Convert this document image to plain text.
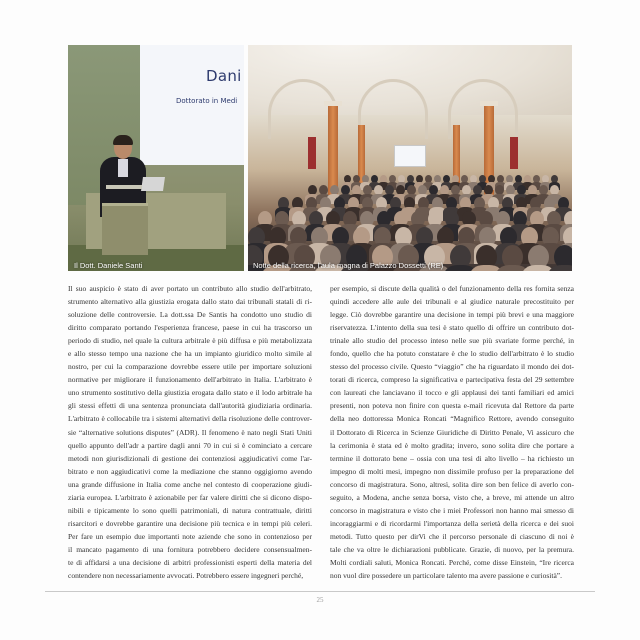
Dani
Dottorato in Medi
Il Dott. Daniele Santi	Notte della ricerca, l'aula magna di Palazzo Dossetti (RE)
Il suo auspicio è stato di aver portato un contributo allo studio dell'arbitrato,
strumento alternativo alla giustizia erogata dallo stato dai tribunali statali di ri-
soluzione delle controversie. La dott.ssa De Santis ha condotto uno studio di
diritto comparato portando l'esperienza francese, paese in cui ha trascorso un
periodo di studio, nel quale la cultura arbitrale è più diffusa e più metabolizzata
e allo stesso tempo una nazione che ha un impianto giuridico molto simile al
nostro, per cui la comparazione dovrebbe essere utile per importare soluzioni
normative per migliorare il funzionamento dell'arbitrato in Italia. L'arbitrato è
uno strumento sostitutivo della giustizia erogata dallo stato e il lodo arbitrale ha
gli stessi effetti di una sentenza pronunciata dall'autorità giudiziaria ordinaria.
L'arbitrato è collocabile tra i sistemi alternativi della risoluzione delle controver-
sie “alternative solutions disputes” (ADR). Il fenomeno è nato negli Stati Uniti
quello appunto dell'adr a partire dagli anni 70 in cui si è cominciato a cercare
metodi non giurisdizionali di gestione dei contenziosi aggiudicativi come l'ar-
bitrato e non aggiudicativi come la mediazione che stanno oggigiorno avendo
una grande diffusione in Italia come anche nel contesto di cooperazione giudi-
ziaria europea. L'arbitrato è azionabile per far valere diritti che si dicono dispo-
nibili e tipicamente lo sono quelli patrimoniali, di natura contrattuale, diritti
risarcitori e dovrebbe garantire una decisione più tecnica e in tempi più celeri.
Per fare un esempio due importanti note aziende che sono in contenzioso per
il mancato pagamento di una fornitura potrebbero decidere consensualmen-
te di affidarsi a una decisione di arbitri professionisti esperti della materia del
contendere non necessariamente avvocati. Potrebbero essere ingegneri perché,
per esempio, si discute della qualità o del funzionamento della res fornita senza
quindi accedere alle aule dei tribunali e al giudice naturale precostituito per
legge. Ciò dovrebbe garantire una decisione in tempi più brevi e una maggiore
riservatezza. L'intento della sua tesi è stato quello di offrire un contributo dot-
trinale allo studio del processo inteso nelle sue più svariate forme perché, in
fondo, quello che ha potuto constatare è che lo studio dell'arbitrato è lo studio
stesso del processo civile. Questo “viaggio” che ha riguardato il mondo dei dot-
torati di ricerca, compreso la significativa e partecipativa festa del 29 settembre
con laureati che lanciavano il tocco e gli applausi dei tanti familiari ed amici
presenti, non poteva non finire con questa e-mail ricevuta dal Rettore da parte
della neo dottoressa Monica Roncati “Magnifico Rettore, avendo conseguito
il Dottorato di Ricerca in Scienze Giuridiche di Diritto Penale, Vi assicuro che
la cerimonia è stata ed è molto gradita; invero, sono solita dire che portare a
termine il dottorato bene – ossia con una tesi di alto livello – ha richiesto un
impegno di molti mesi, impegno non dissimile profuso per la preparazione del
concorso di magistratura. Sono, altresì, solita dire son ben felice di averlo con-
seguito, a Modena, anche senza borsa, visto che, a breve, mi attende un altro
concorso in magistratura e visto che i miei Professori non hanno mai smesso di
incoraggiarmi e di ricordarmi l'importanza della serietà della ricerca e dei suoi
metodi. Tutto questo per dirVi che il percorso personale di ciascuno di noi è
tale che va oltre le dichiarazioni pubblicate. Grazie, di nuovo, per la premura.
Molti cordiali saluti, Monica Roncati. Perché, come disse Einstein, “Ire ricerca
non vuol dire possedere un particolare talento ma avere passione e curiosità”.
25
